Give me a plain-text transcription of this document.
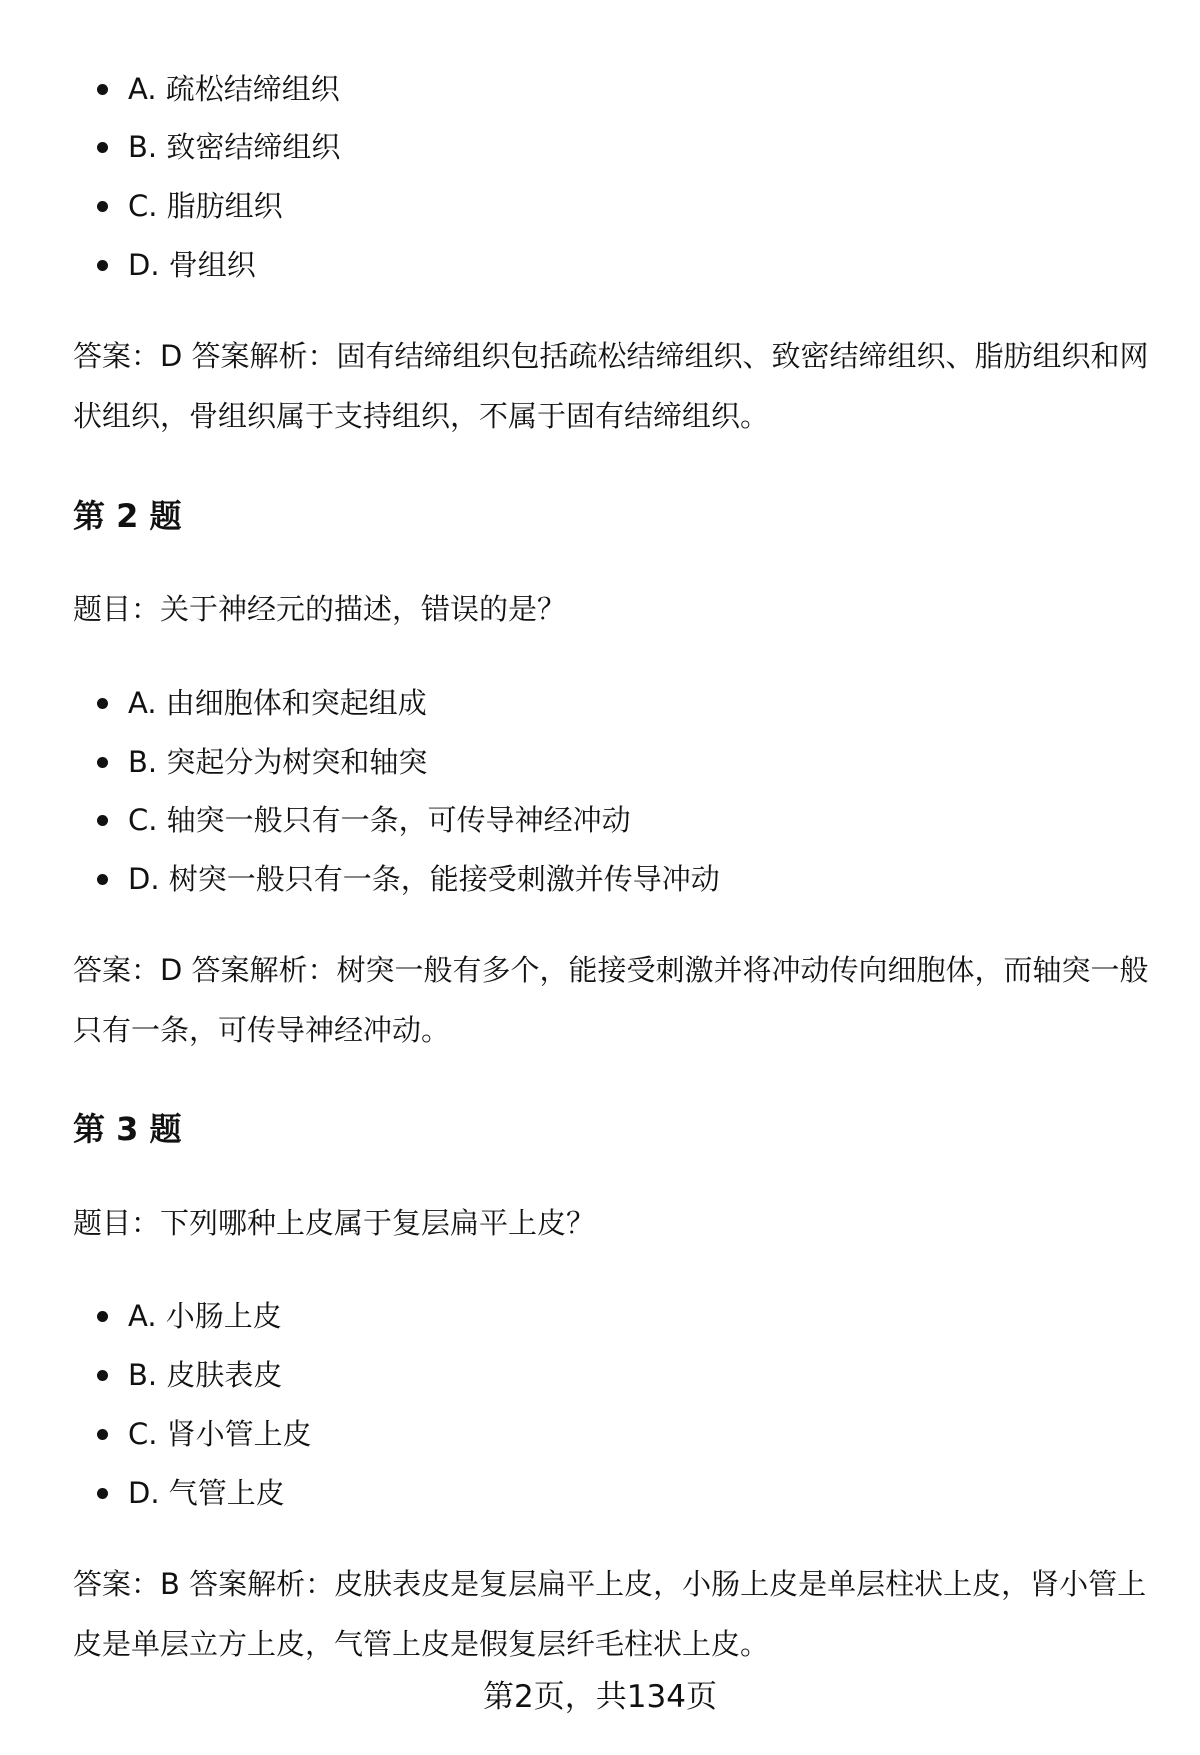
A. 疏松结缔组织
B. 致密结缔组织
C. 脂肪组织
D. 骨组织

答案：D 答案解析：固有结缔组织包括疏松结缔组织、致密结缔组织、脂肪组织和网状组织，骨组织属于支持组织，不属于固有结缔组织。

第 2 题

题目：关于神经元的描述，错误的是？

A. 由细胞体和突起组成
B. 突起分为树突和轴突
C. 轴突一般只有一条，可传导神经冲动
D. 树突一般只有一条，能接受刺激并传导冲动

答案：D 答案解析：树突一般有多个，能接受刺激并将冲动传向细胞体，而轴突一般只有一条，可传导神经冲动。

第 3 题

题目：下列哪种上皮属于复层扁平上皮？

A. 小肠上皮
B. 皮肤表皮
C. 肾小管上皮
D. 气管上皮

答案：B 答案解析：皮肤表皮是复层扁平上皮，小肠上皮是单层柱状上皮，肾小管上皮是单层立方上皮，气管上皮是假复层纤毛柱状上皮。

第2页，共134页
